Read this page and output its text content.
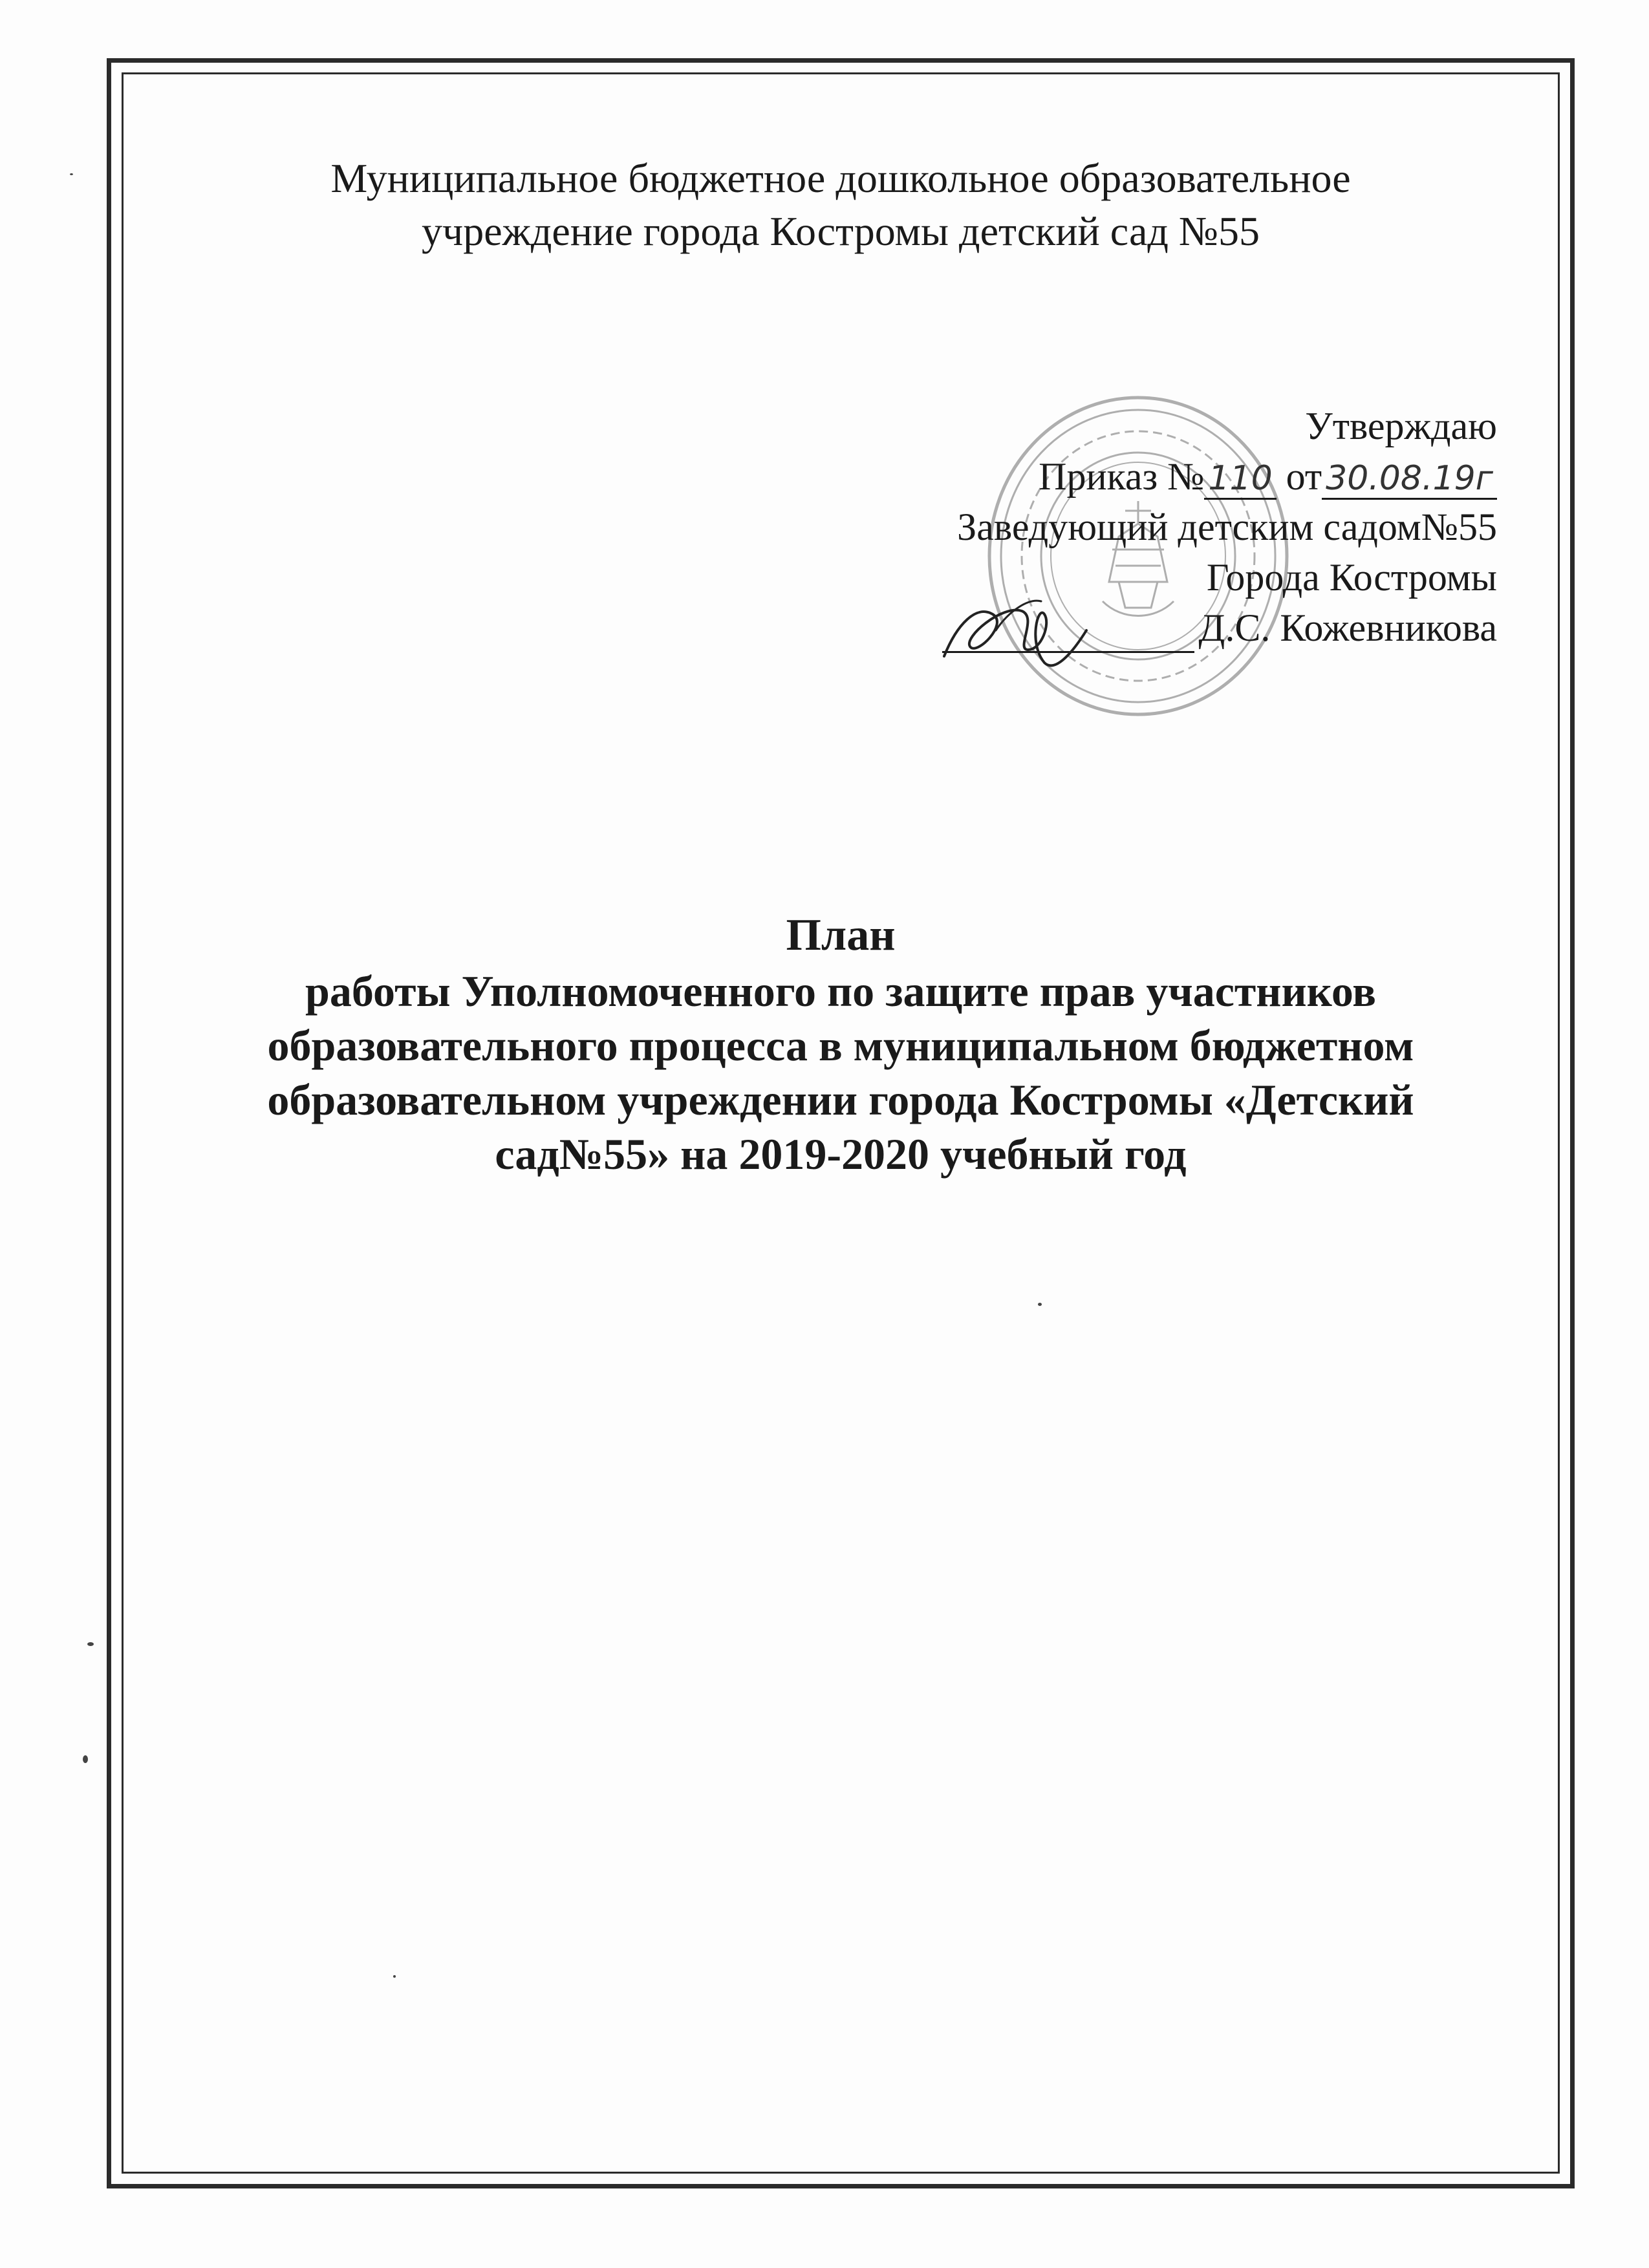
Муниципальное бюджетное дошкольное образовательное
учреждение города Костромы детский сад №55
Утверждаю
Приказ № 110 от 30.08.19г
Заведующий детским садом№55
Города Костромы
Д.С. Кожевникова
План
работы Уполномоченного по защите прав участников
образовательного процесса в муниципальном бюджетном
образовательном учреждении города Костромы «Детский
сад№55» на 2019-2020 учебный год
